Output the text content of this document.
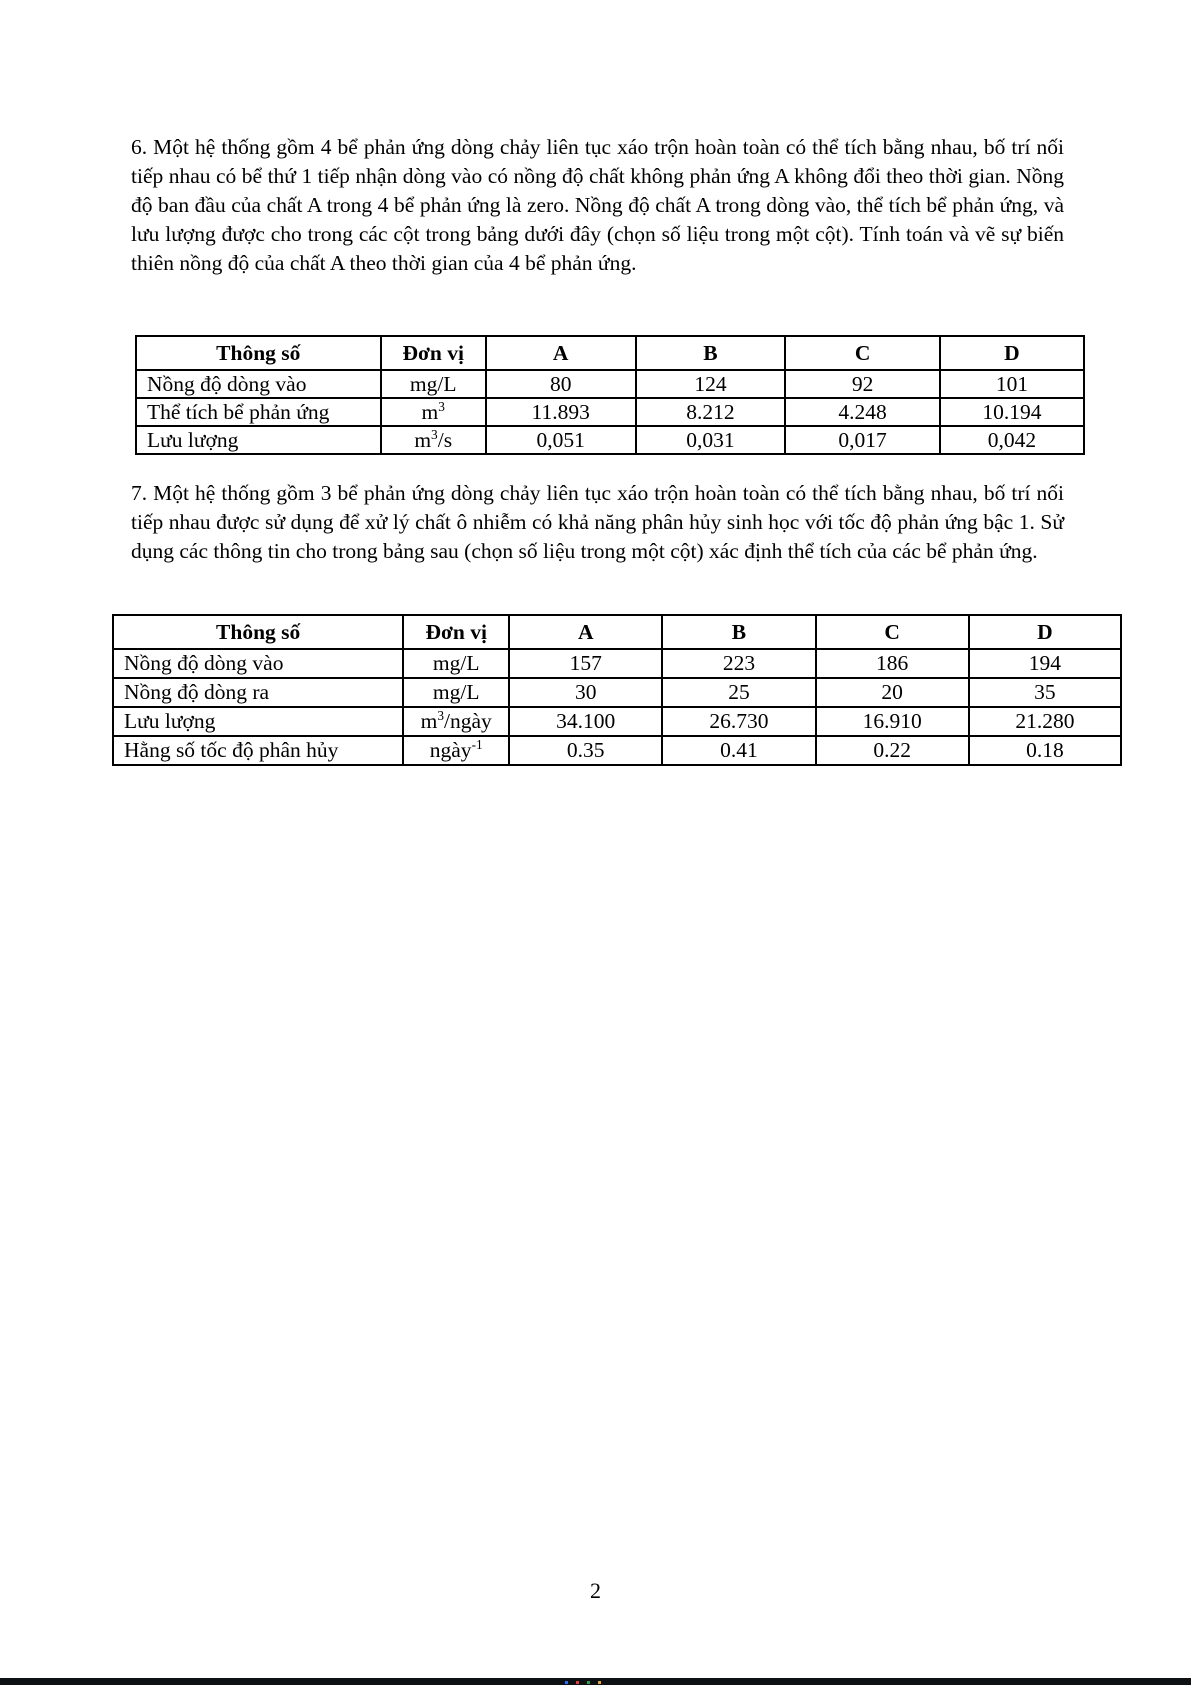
6. Một hệ thống gồm 4 bể phản ứng dòng chảy liên tục xáo trộn hoàn toàn có thể tích bằng nhau, bố trí nối tiếp nhau có bể thứ 1 tiếp nhận dòng vào có nồng độ chất không phản ứng A không đổi theo thời gian. Nồng độ ban đầu của chất A trong 4 bể phản ứng là zero. Nồng độ chất A trong dòng vào, thể tích bể phản ứng, và lưu lượng được cho trong các cột trong bảng dưới đây (chọn số liệu trong một cột). Tính toán và vẽ sự biến thiên nồng độ của chất A theo thời gian của 4 bể phản ứng.

Thông số	Đơn vị	A	B	C	D
Nồng độ dòng vào	mg/L	80	124	92	101
Thể tích bể phản ứng	$m^3$	11.893	8.212	4.248	10.194
Lưu lượng	$m^3/s$	0,051	0,031	0,017	0,042

7. Một hệ thống gồm 3 bể phản ứng dòng chảy liên tục xáo trộn hoàn toàn có thể tích bằng nhau, bố trí nối tiếp nhau được sử dụng để xử lý chất ô nhiễm có khả năng phân hủy sinh học với tốc độ phản ứng bậc 1. Sử dụng các thông tin cho trong bảng sau (chọn số liệu trong một cột) xác định thể tích của các bể phản ứng.

Thông số	Đơn vị	A	B	C	D
Nồng độ dòng vào	mg/L	157	223	186	194
Nồng độ dòng ra	mg/L	30	25	20	35
Lưu lượng	$m^3$/ngày	34.100	26.730	16.910	21.280
Hằng số tốc độ phân hủy	ngày$^{-1}$	0.35	0.41	0.22	0.18
2
